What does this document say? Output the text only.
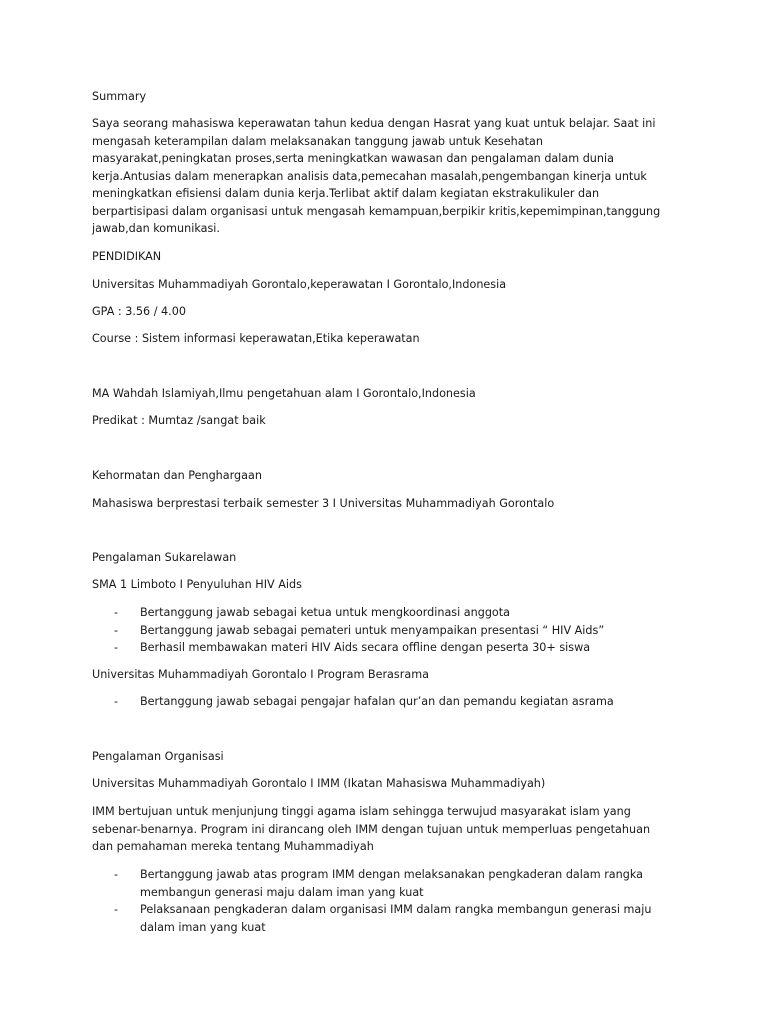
Summary
Saya seorang mahasiswa keperawatan tahun kedua dengan Hasrat yang kuat untuk belajar. Saat ini
mengasah keterampilan dalam melaksanakan tanggung jawab untuk Kesehatan
masyarakat,peningkatan proses,serta meningkatkan wawasan dan pengalaman dalam dunia
kerja.Antusias dalam menerapkan analisis data,pemecahan masalah,pengembangan kinerja untuk
meningkatkan efisiensi dalam dunia kerja.Terlibat aktif dalam kegiatan ekstrakulikuler dan
berpartisipasi dalam organisasi untuk mengasah kemampuan,berpikir kritis,kepemimpinan,tanggung
jawab,dan komunikasi.
PENDIDIKAN
Universitas Muhammadiyah Gorontalo,keperawatan I Gorontalo,Indonesia
GPA : 3.56 / 4.00
Course : Sistem informasi keperawatan,Etika keperawatan
MA Wahdah Islamiyah,Ilmu pengetahuan alam I Gorontalo,Indonesia
Predikat : Mumtaz /sangat baik
Kehormatan dan Penghargaan
Mahasiswa berprestasi terbaik semester 3 I Universitas Muhammadiyah Gorontalo
Pengalaman Sukarelawan
SMA 1 Limboto I Penyuluhan HIV Aids
- Bertanggung jawab sebagai ketua untuk mengkoordinasi anggota
- Bertanggung jawab sebagai pemateri untuk menyampaikan presentasi “ HIV Aids”
- Berhasil membawakan materi HIV Aids secara offline dengan peserta 30+ siswa
Universitas Muhammadiyah Gorontalo I Program Berasrama
- Bertanggung jawab sebagai pengajar hafalan qur’an dan pemandu kegiatan asrama
Pengalaman Organisasi
Universitas Muhammadiyah Gorontalo I IMM (Ikatan Mahasiswa Muhammadiyah)
IMM bertujuan untuk menjunjung tinggi agama islam sehingga terwujud masyarakat islam yang
sebenar-benarnya. Program ini dirancang oleh IMM dengan tujuan untuk memperluas pengetahuan
dan pemahaman mereka tentang Muhammadiyah
- Bertanggung jawab atas program IMM dengan melaksanakan pengkaderan dalam rangka
membangun generasi maju dalam iman yang kuat
- Pelaksanaan pengkaderan dalam organisasi IMM dalam rangka membangun generasi maju
dalam iman yang kuat
